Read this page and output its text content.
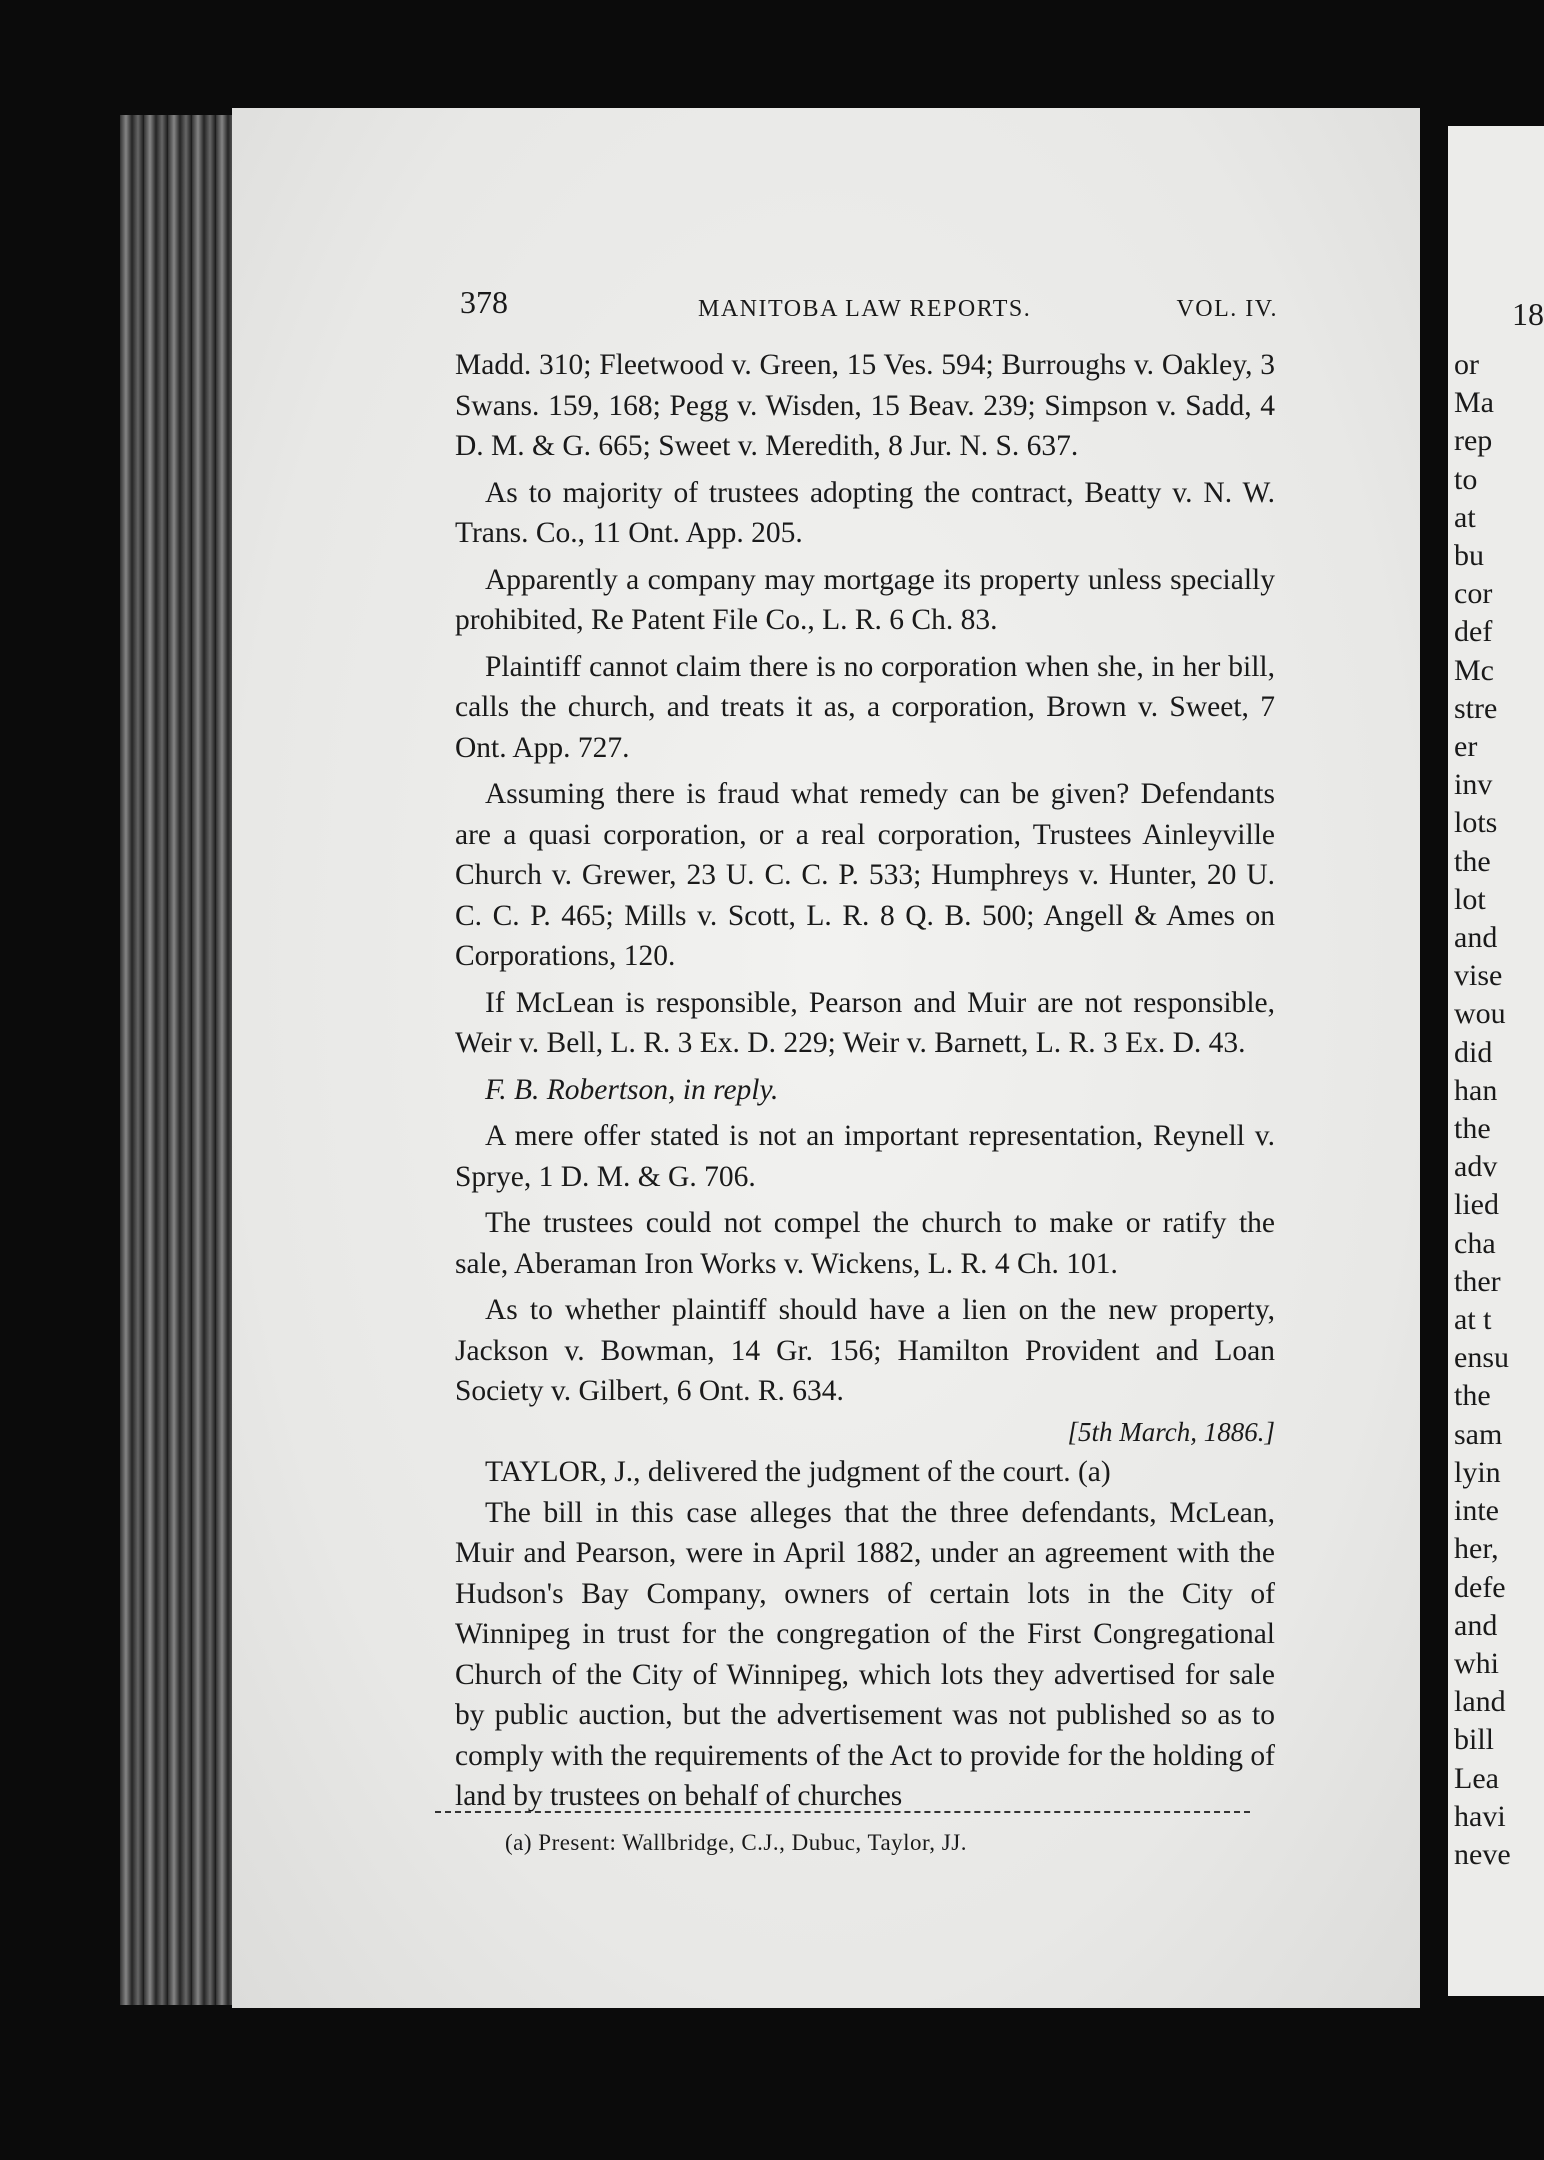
378	MANITOBA LAW REPORTS.	VOL. IV.

Madd. 310; Fleetwood v. Green, 15 Ves. 594; Burroughs v. Oakley, 3 Swans. 159, 168; Pegg v. Wisden, 15 Beav. 239; Simpson v. Sadd, 4 D. M. & G. 665; Sweet v. Meredith, 8 Jur. N. S. 637.

As to majority of trustees adopting the contract, Beatty v. N. W. Trans. Co., 11 Ont. App. 205.

Apparently a company may mortgage its property unless specially prohibited, Re Patent File Co., L. R. 6 Ch. 83.

Plaintiff cannot claim there is no corporation when she, in her bill, calls the church, and treats it as, a corporation, Brown v. Sweet, 7 Ont. App. 727.

Assuming there is fraud what remedy can be given? Defendants are a quasi corporation, or a real corporation, Trustees Ainleyville Church v. Grewer, 23 U. C. C. P. 533; Humphreys v. Hunter, 20 U. C. C. P. 465; Mills v. Scott, L. R. 8 Q. B. 500; Angell & Ames on Corporations, 120.

If McLean is responsible, Pearson and Muir are not responsible, Weir v. Bell, L. R. 3 Ex. D. 229; Weir v. Barnett, L. R. 3 Ex. D. 43.

F. B. Robertson, in reply.

A mere offer stated is not an important representation, Reynell v. Sprye, 1 D. M. & G. 706.

The trustees could not compel the church to make or ratify the sale, Aberaman Iron Works v. Wickens, L. R. 4 Ch. 101.

As to whether plaintiff should have a lien on the new property, Jackson v. Bowman, 14 Gr. 156; Hamilton Provident and Loan Society v. Gilbert, 6 Ont. R. 634.

[5th March, 1886.]

TAYLOR, J., delivered the judgment of the court. (a)

The bill in this case alleges that the three defendants, McLean, Muir and Pearson, were in April 1882, under an agreement with the Hudson's Bay Company, owners of certain lots in the City of Winnipeg in trust for the congregation of the First Congregational Church of the City of Winnipeg, which lots they advertised for sale by public auction, but the advertisement was not published so as to comply with the requirements of the Act to provide for the holding of land by trustees on behalf of churches

(a) Present: Wallbridge, C.J., Dubuc, Taylor, JJ.
or
Ma
rep
to
at
bu
cor
def
Mc
stre
er
inv
lots
the
lot
and
vise
wou
did
han
the
adv
lied
cha
ther
at t
ensu
the
sam
lyin
inte
her,
defe
and
whi
land
bill
Lea
havi
neve
18
